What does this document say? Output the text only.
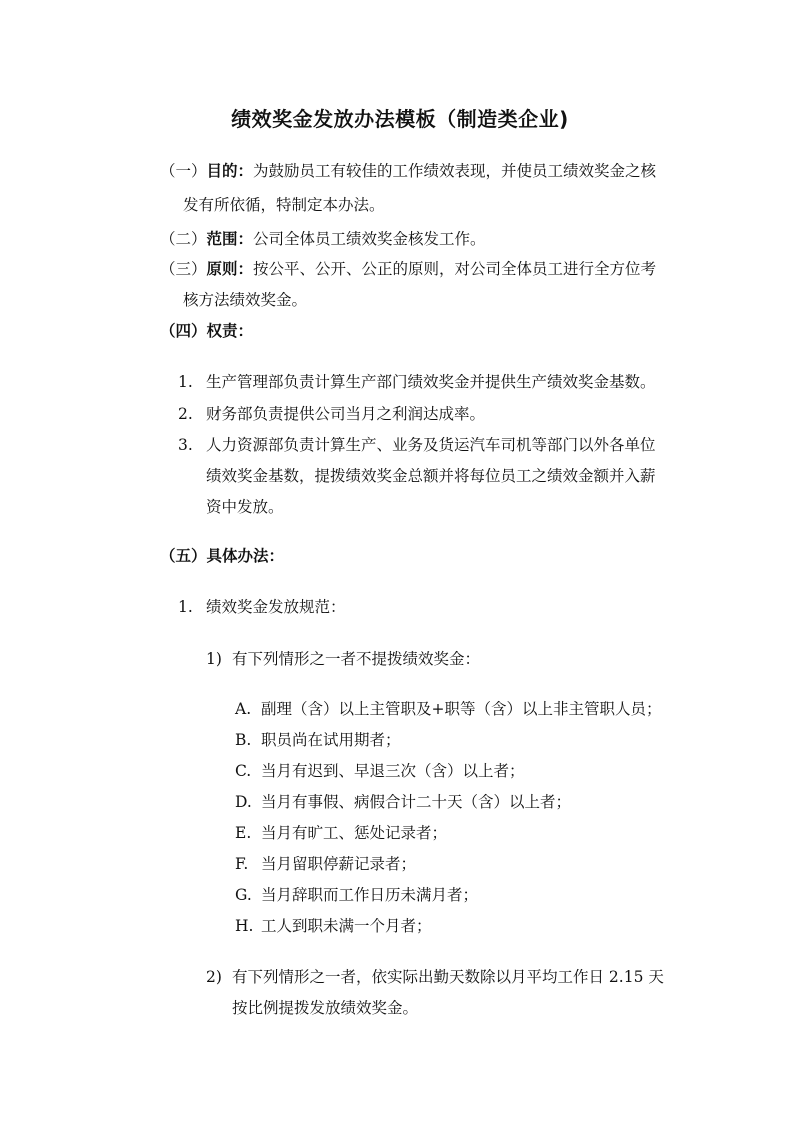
绩效奖金发放办法模板（制造类企业)
（一）目的：为鼓励员工有较佳的工作绩效表现，并使员工绩效奖金之核
发有所依循，特制定本办法。
（二）范围：公司全体员工绩效奖金核发工作。
（三）原则：按公平、公开、公正的原则，对公司全体员工进行全方位考
核方法绩效奖金。
（四）权责：
1. 生产管理部负责计算生产部门绩效奖金并提供生产绩效奖金基数。
2. 财务部负责提供公司当月之利润达成率。
3. 人力资源部负责计算生产、业务及货运汽车司机等部门以外各单位
绩效奖金基数，提拨绩效奖金总额并将每位员工之绩效金额并入薪
资中发放。
（五）具体办法：
1. 绩效奖金发放规范：
1) 有下列情形之一者不提拨绩效奖金：
A. 副理（含）以上主管职及+职等（含）以上非主管职人员；
B. 职员尚在试用期者；
C. 当月有迟到、早退三次（含）以上者；
D. 当月有事假、病假合计二十天（含）以上者；
E. 当月有旷工、惩处记录者；
F. 当月留职停薪记录者；
G. 当月辞职而工作日历未满月者；
H. 工人到职未满一个月者；
2) 有下列情形之一者，依实际出勤天数除以月平均工作日 2.15 天
按比例提拨发放绩效奖金。
